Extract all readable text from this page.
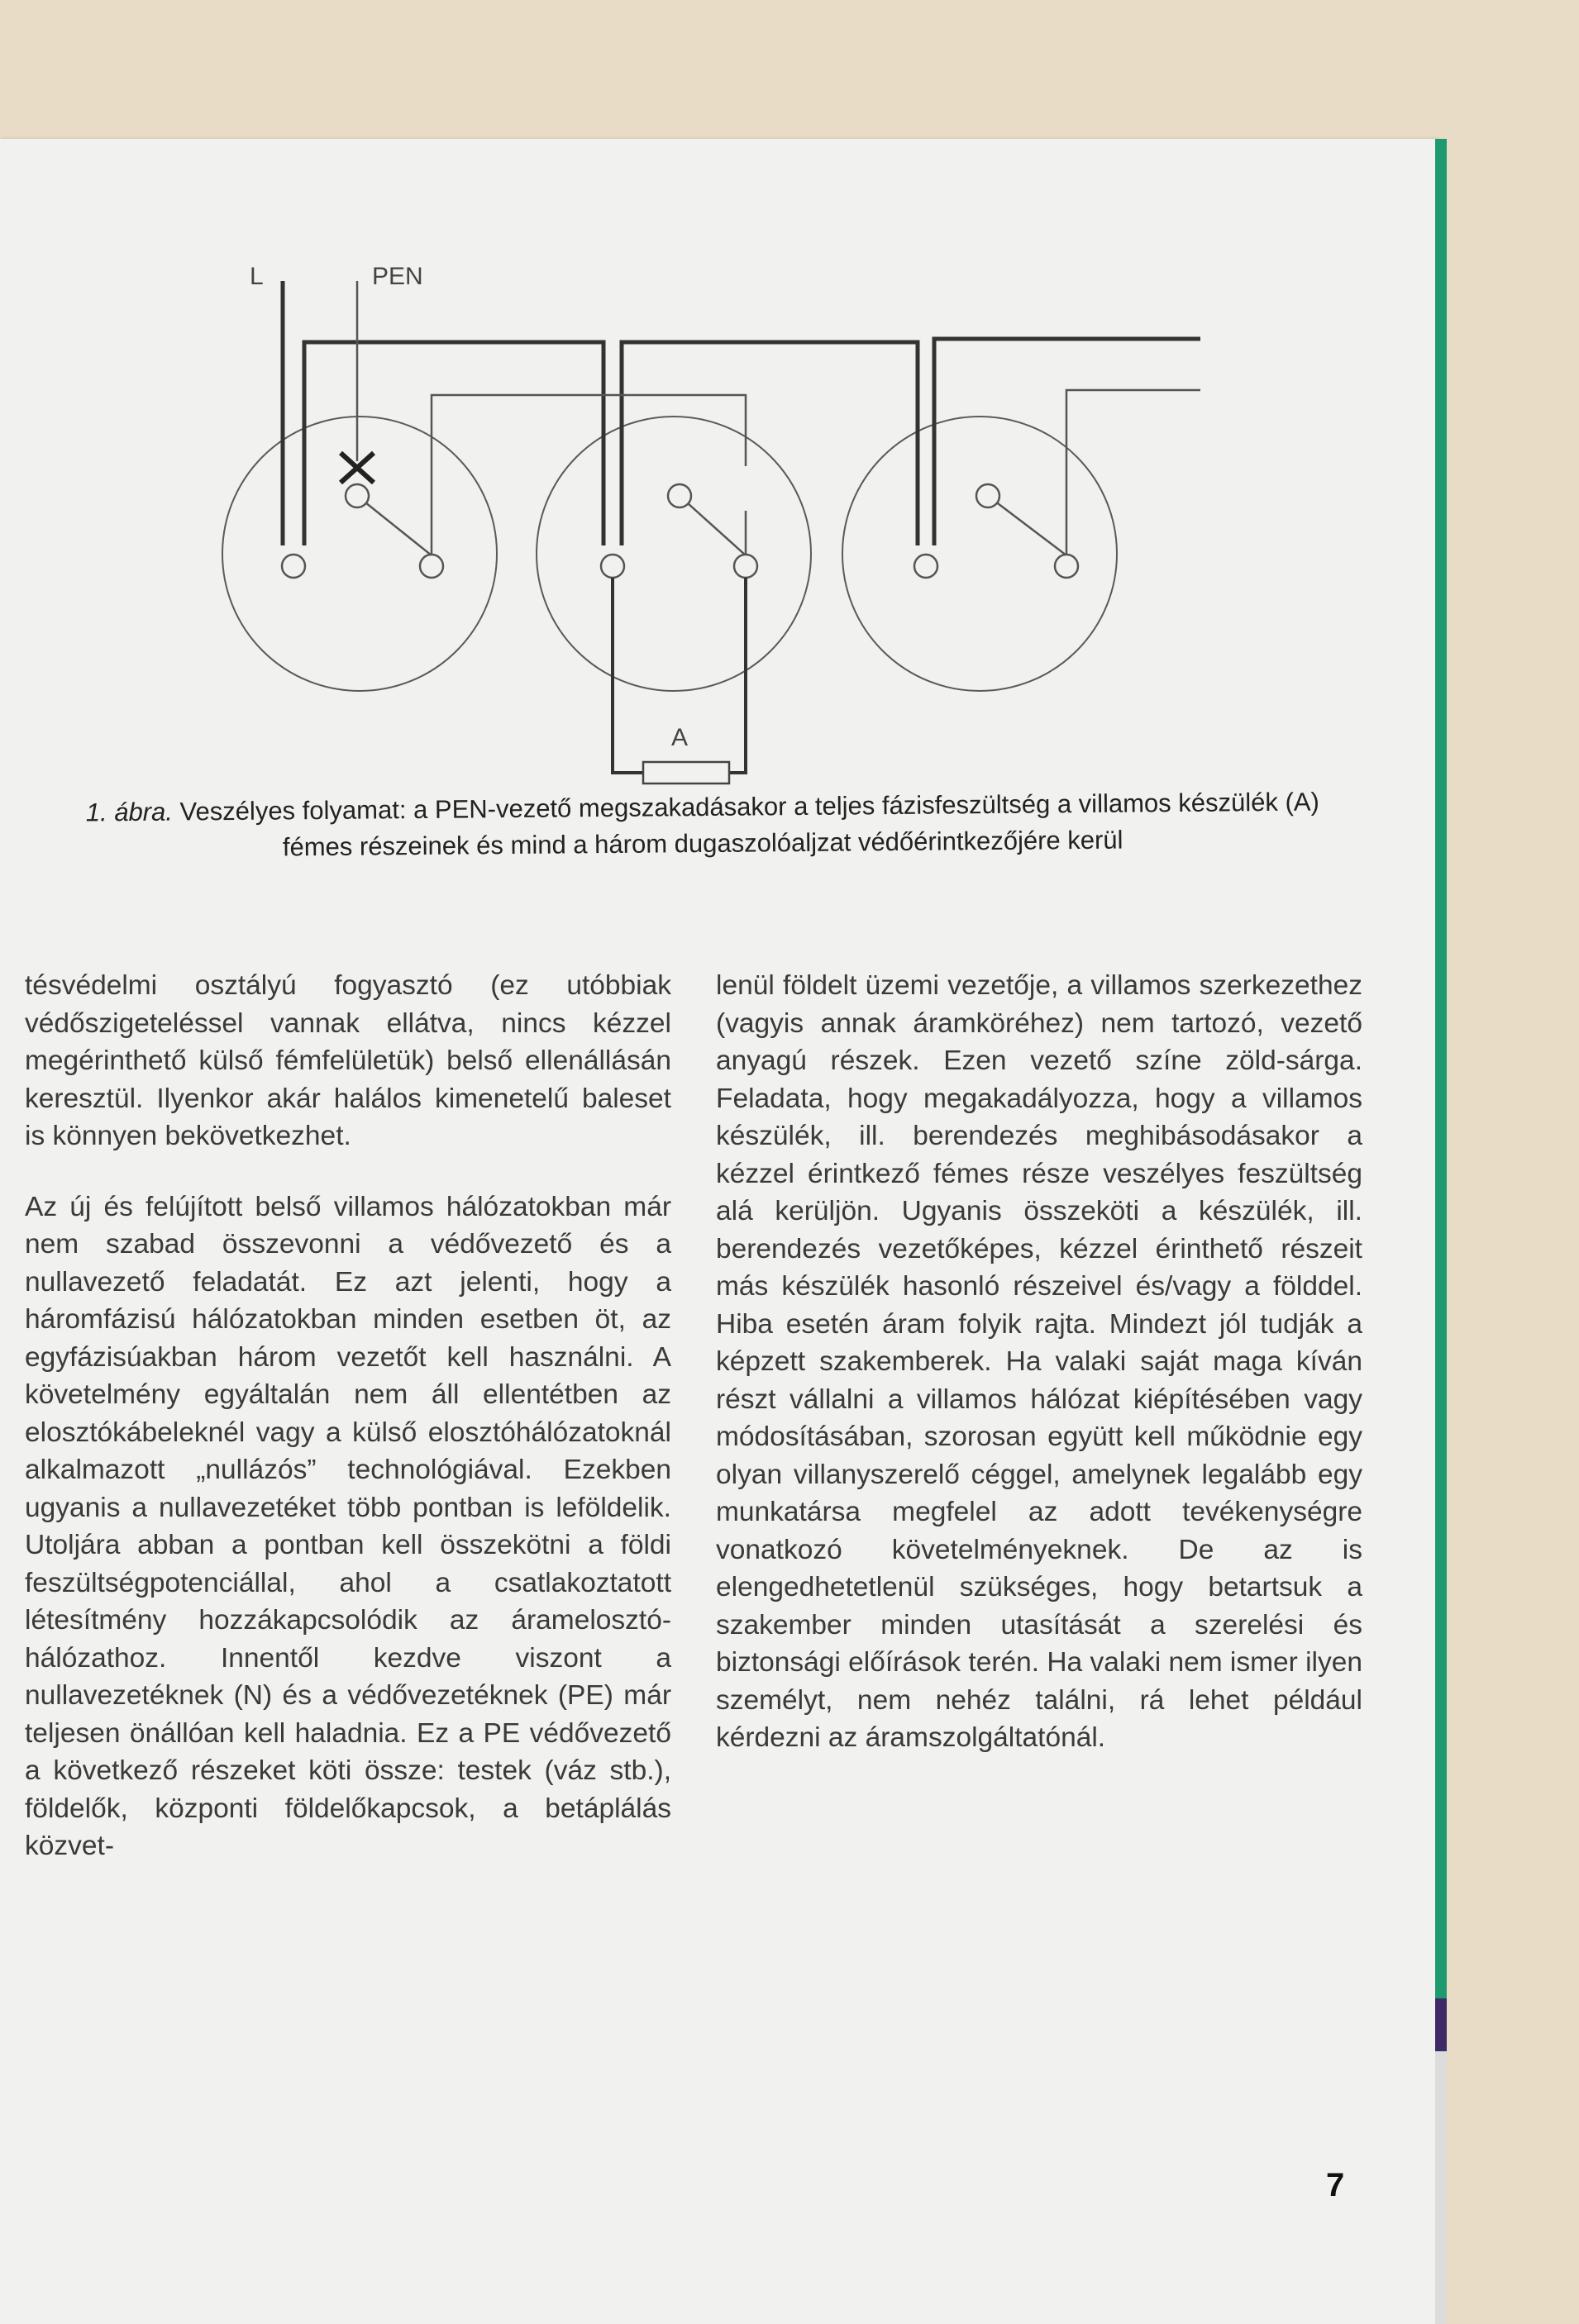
L	PEN
A
1. ábra. Veszélyes folyamat: a PEN-vezető megszakadásakor a teljes fázisfeszültség a villamos készülék (A)
fémes részeinek és mind a három dugaszolóaljzat védőérintkezőjére kerül

tésvédelmi osztályú fogyasztó (ez utóbbiak védőszigeteléssel vannak ellátva, nincs kézzel megérinthető külső fémfelületük) belső ellenállásán keresztül. Ilyenkor akár halálos kimenetelű baleset is könnyen bekövetkezhet.

Az új és felújított belső villamos hálózatokban már nem szabad összevonni a védővezető és a nullavezető feladatát. Ez azt jelenti, hogy a háromfázisú hálózatokban minden esetben öt, az egyfázisúakban három vezetőt kell használni. A követelmény egyáltalán nem áll ellentétben az elosztókábeleknél vagy a külső elosztóhálózatoknál alkalmazott „nullázós” technológiával. Ezekben ugyanis a nullavezetéket több pontban is leföldelik. Utoljára abban a pontban kell összekötni a földi feszültségpotenciállal, ahol a csatlakoztatott létesítmény hozzákapcsolódik az áramelosztó-hálózathoz. Innentől kezdve viszont a nullavezetéknek (N) és a védővezetéknek (PE) már teljesen önállóan kell haladnia. Ez a PE védővezető a következő részeket köti össze: testek (váz stb.), földelők, központi földelőkapcsok, a betáplálás közvet-

lenül földelt üzemi vezetője, a villamos szerkezethez (vagyis annak áramköréhez) nem tartozó, vezető anyagú részek. Ezen vezető színe zöld-sárga. Feladata, hogy megakadályozza, hogy a villamos készülék, ill. berendezés meghibásodásakor a kézzel érintkező fémes része veszélyes feszültség alá kerüljön. Ugyanis összeköti a készülék, ill. berendezés vezetőképes, kézzel érinthető részeit más készülék hasonló részeivel és/vagy a földdel. Hiba esetén áram folyik rajta. Mindezt jól tudják a képzett szakemberek. Ha valaki saját maga kíván részt vállalni a villamos hálózat kiépítésében vagy módosításában, szorosan együtt kell működnie egy olyan villanyszerelő céggel, amelynek legalább egy munkatársa megfelel az adott tevékenységre vonatkozó követelményeknek. De az is elengedhetetlenül szükséges, hogy betartsuk a szakember minden utasítását a szerelési és biztonsági előírások terén. Ha valaki nem ismer ilyen személyt, nem nehéz találni, rá lehet például kérdezni az áramszolgáltatónál.

7
